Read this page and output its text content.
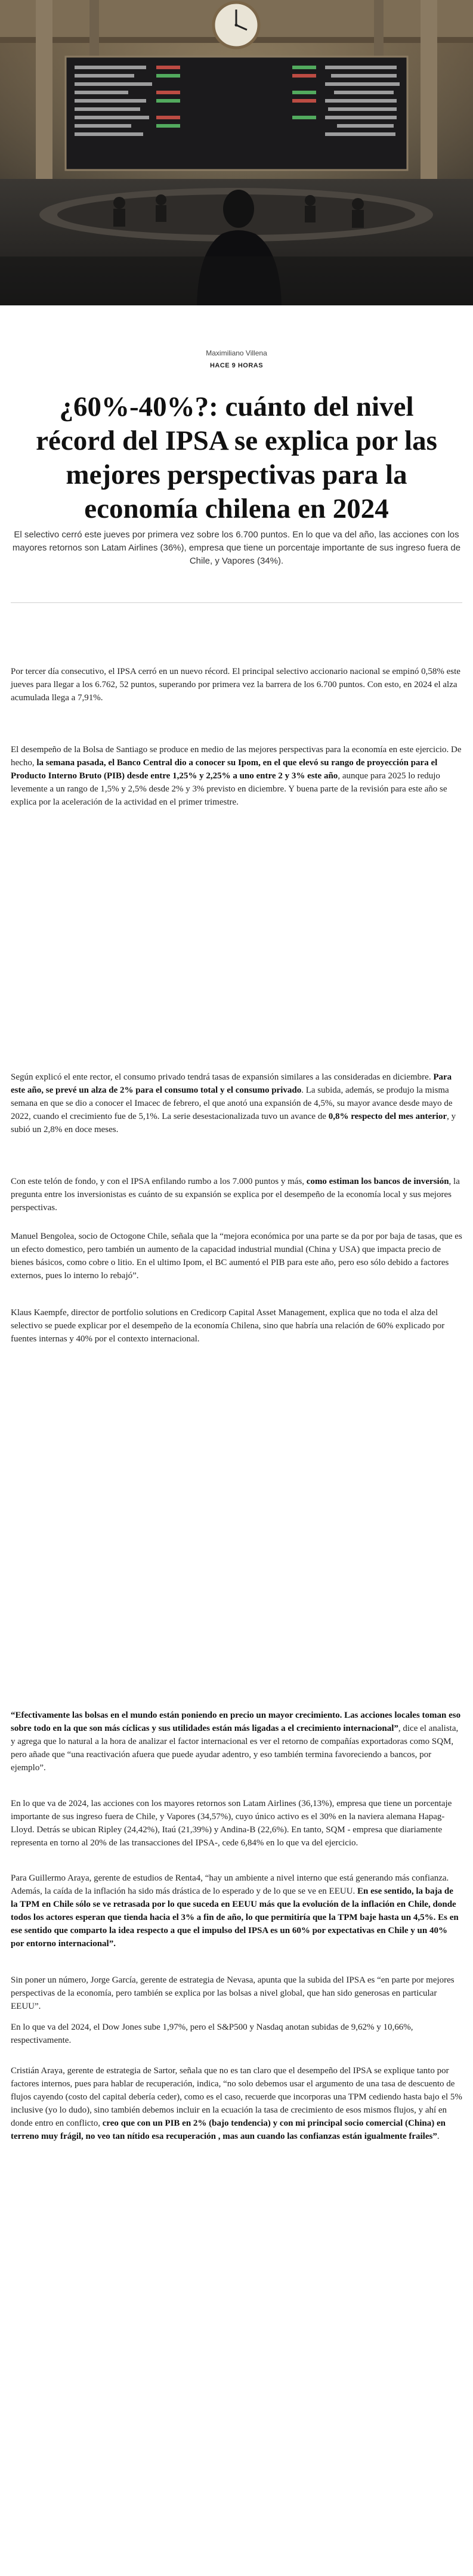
Maximiliano Villena
HACE 9 HORAS
¿60%-40%?: cuánto del nivel récord del IPSA se explica por las mejores perspectivas para la economía chilena en 2024

El selectivo cerró este jueves por primera vez sobre los 6.700 puntos. En lo que va del año, las acciones con los mayores retornos son Latam Airlines (36%), empresa que tiene un porcentaje importante de sus ingreso fuera de Chile, y Vapores (34%).

Por tercer día consecutivo, el IPSA cerró en un nuevo récord. El principal selectivo accionario nacional se empinó 0,58% este jueves para llegar a los 6.762, 52 puntos, superando por primera vez la barrera de los 6.700 puntos. Con esto, en 2024 el alza acumulada llega a 7,91%.

El desempeño de la Bolsa de Santiago se produce en medio de las mejores perspectivas para la economía en este ejercicio. De hecho, la semana pasada, el Banco Central dio a conocer su Ipom, en el que elevó su rango de proyección para el Producto Interno Bruto (PIB) desde entre 1,25% y 2,25% a uno entre 2 y 3% este año, aunque para 2025 lo redujo levemente a un rango de 1,5% y 2,5% desde 2% y 3% previsto en diciembre. Y buena parte de la revisión para este año se explica por la aceleración de la actividad en el primer trimestre.

Según explicó el ente rector, el consumo privado tendrá tasas de expansión similares a las consideradas en diciembre. Para este año, se prevé un alza de 2% para el consumo total y el consumo privado. La subida, además, se produjo la misma semana en que se dio a conocer el Imacec de febrero, el que anotó una expansión de 4,5%, su mayor avance desde mayo de 2022, cuando el crecimiento fue de 5,1%. La serie desestacionalizada tuvo un avance de 0,8% respecto del mes anterior, y subió un 2,8% en doce meses.

Con este telón de fondo, y con el IPSA enfilando rumbo a los 7.000 puntos y más, como estiman los bancos de inversión, la pregunta entre los inversionistas es cuánto de su expansión se explica por el desempeño de la economía local y sus mejores perspectivas.

Manuel Bengolea, socio de Octogone Chile, señala que la “mejora económica por una parte se da por por baja de tasas, que es un efecto domestico, pero también un aumento de la capacidad industrial mundial (China y USA) que impacta precio de bienes básicos, como cobre o litio. En el ultimo Ipom, el BC aumentó el PIB para este año, pero eso sólo debido a factores externos, pues lo interno lo rebajó”.

Klaus Kaempfe, director de portfolio solutions en Credicorp Capital Asset Management, explica que no toda el alza del selectivo se puede explicar por el desempeño de la economía Chilena, sino que habría una relación de 60% explicado por fuentes internas y 40% por el contexto internacional.

“Efectivamente las bolsas en el mundo están poniendo en precio un mayor crecimiento. Las acciones locales toman eso sobre todo en la que son más cíclicas y sus utilidades están más ligadas a el crecimiento internacional”, dice el analista, y agrega que lo natural a la hora de analizar el factor internacional es ver el retorno de compañías exportadoras como SQM, pero añade que “una reactivación afuera que puede ayudar adentro, y eso también termina favoreciendo a bancos, por ejemplo”.

En lo que va de 2024, las acciones con los mayores retornos son Latam Airlines (36,13%), empresa que tiene un porcentaje importante de sus ingreso fuera de Chile, y Vapores (34,57%), cuyo único activo es el 30% en la naviera alemana Hapag-Lloyd. Detrás se ubican Ripley (24,42%), Itaú (21,39%) y Andina-B (22,6%). En tanto, SQM - empresa que diariamente representa en torno al 20% de las transacciones del IPSA-, cede 6,84% en lo que va del ejercicio.

Para Guillermo Araya, gerente de estudios de Renta4, “hay un ambiente a nivel interno que está generando más confianza. Además, la caída de la inflación ha sido más drástica de lo esperado y de lo que se ve en EEUU. En ese sentido, la baja de la TPM en Chile sólo se ve retrasada por lo que suceda en EEUU más que la evolución de la inflación en Chile, donde todos los actores esperan que tienda hacia el 3% a fin de año, lo que permitiría que la TPM baje hasta un 4,5%. Es en ese sentido que comparto la idea respecto a que el impulso del IPSA es un 60% por expectativas en Chile y un 40% por entorno internacional”.

Sin poner un número, Jorge García, gerente de estrategia de Nevasa, apunta que la subida del IPSA es “en parte por mejores perspectivas de la economía, pero también se explica por las bolsas a nivel global, que han sido generosas en particular EEUU”.

En lo que va del 2024, el Dow Jones sube 1,97%, pero el S&P500 y Nasdaq anotan subidas de 9,62% y 10,66%, respectivamente.

Cristián Araya, gerente de estrategia de Sartor, señala que no es tan claro que el desempeño del IPSA se explique tanto por factores internos, pues para hablar de recuperación, indica, “no solo debemos usar el argumento de una tasa de descuento de flujos cayendo (costo del capital debería ceder), como es el caso, recuerde que incorporas una TPM cediendo hasta bajo el 5% inclusive (yo lo dudo), sino también debemos incluir en la ecuación la tasa de crecimiento de esos mismos flujos, y ahí en donde entro en conflicto, creo que con un PIB en 2% (bajo tendencia) y con mi principal socio comercial (China) en terreno muy frágil, no veo tan nítido esa recuperación , mas aun cuando las confianzas están igualmente frailes”.
